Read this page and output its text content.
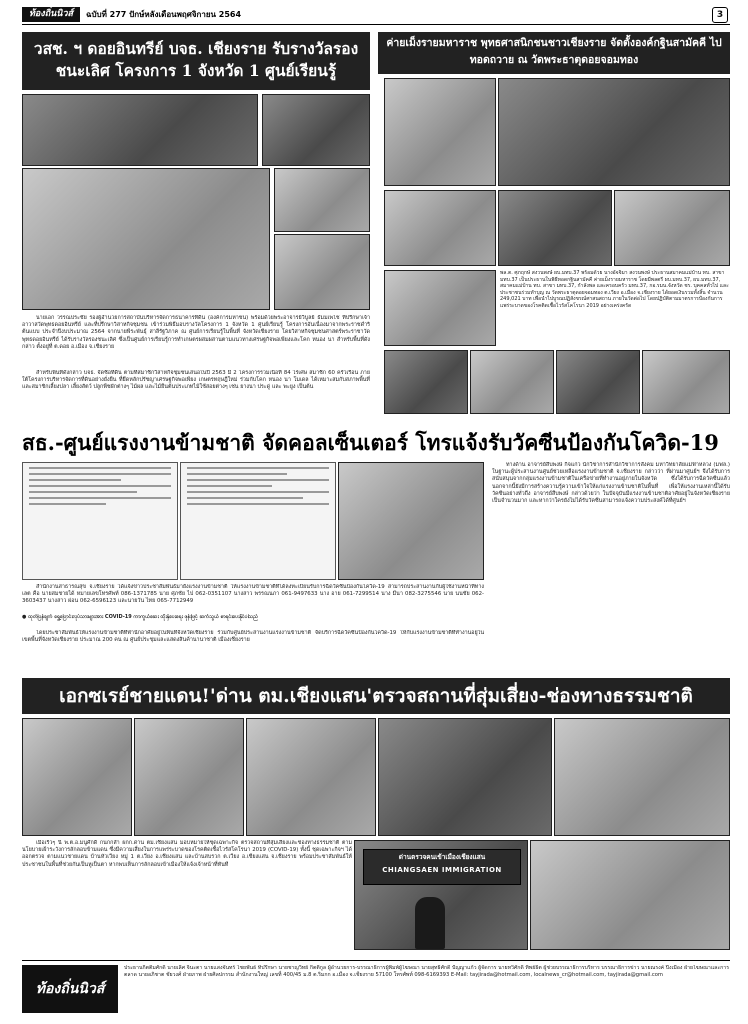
ท้องถิ่นนิวส์	ฉบับที่ 277 ปักษ์หลังเดือนพฤศจิกายน 2564	3
วสช. ฯ ดอยอินทรีย์ บจธ. เชียงราย รับรางวัลรองชนะเลิศ โครงการ 1 จังหวัด 1 ศูนย์เรียนรู้
นายเอก วรรณประชัย รองผู้อำนวยการสถาบันบริหารจัดการธนาคารที่ดิน (องค์การมหาชน) พร้อมด้วยพระอาจารย์วิบูลย์ ธัมมเพโช ที่ปรึกษาเจ้าอาวาสวัดพุทธดอยอินทรีย์ และที่ปรึกษาวิสาหกิจชุมชน เข้าร่วมพิธีมอบรางวัลโครงการ 1 จังหวัด 1 ศูนย์เรียนรู้ โครงการอันเนื่องมาจากพระราชดำริต้นแบบ ประจำปีงบประมาณ 2564 จากนายพีระพันธุ์ สาลีรัฐวิภาค ณ ศูนย์การเรียนรู้ในพื้นที่ จังหวัดเชียงราย โดยวิสาหกิจชุมชนศาสตร์พระราชาวัดพุทธดอยอินทรีย์ ได้รับรางวัลรองชนะเลิศ ซึ่งเป็นศูนย์การเรียนรู้การทำเกษตรผสมผสานตามแนวทางเศรษฐกิจพอเพียงและโคก หนอง นา สำหรับพื้นที่ดังกล่าว ตั้งอยู่ที่ ต.ดอย อ.เมือง จ.เชียงราย
สำหรับพื้นที่ดังกล่าว บจธ. จัดซื้อที่ดิน ตามที่สมาชิกวิสาหกิจชุมชนเสนอในปี 2563 มี 2 โครงการรวมเนื้อที่ 84 ไร่เศษ สมาชิก 60 ครัวเรือน ภายใต้โครงการบริหารจัดการที่ดินอย่างยั่งยืน ที่ยึดหลักปรัชญาเศรษฐกิจพอเพียง เกษตรทฤษฎีใหม่ ร่วมกับโคก หนอง นา โมเดล ได้เหมาะสมกับสภาพพื้นที่ และสมาชิกเลี้ยงปลา เลี้ยงสัตว์ ปลูกพืชผักต่างๆ ไม้ผล และไม้ยืนต้นประเภทไม้ใช้สอยต่างๆ เช่น ยางนา ประดู่ และ พะยูง เป็นต้น
ค่ายเม็งรายมหาราช พุทธศาสนิกชนชาวเชียงราย จัดตั้งองค์กฐินสามัคคี ไปทอดถวาย ณ วัดพระธาตุดอยจอมทอง
พล.ต. ศุภฤกษ์ สงวนพงษ์ ผบ.มทบ.37 พร้อมด้วย นางอัจจิมา สงวนพงษ์ ประธานสมาคมแม่บ้าน ทบ. สาขา มทบ.37 เป็นประธานในพิธีทอดกฐินสามัคคี ค่ายเม็งรายมหาราช โดยมีพลตรี ผบ.มทบ.37, ผบ.มทบ.37, สมาคมแม่บ้าน ทบ. สาขา มทบ.37, กำลังพล และครอบครัว มทบ.37, กอ.รมน.จังหวัด ชร. บุคคลทั่วไป และประชาชนร่วมทำบุญ ณ วัดพระธาตุดอยจอมทอง ต.เวียง อ.เมือง จ.เชียงราย ได้ยอดเงินรวมทั้งสิ้น จำนวน 249,021 บาท เพื่อนำไปบูรณปฏิสังขรณ์ศาสนสถาน ภายในวัดต่อไป โดยปฏิบัติตามมาตรการป้องกันการแพร่ระบาดของโรคติดเชื้อไวรัสโคโรนา 2019 อย่างเคร่งครัด
สธ.-ศูนย์แรงงานข้ามชาติ จัดคอลเซ็นเตอร์ โทรแจ้งรับวัคซีนป้องกันโควิด-19
สำนักงานสาธารณสุข จ.เชียงราย ได้แจ้งข่าวประชาสัมพันธ์มายังแรงงานข้ามชาติ ให้แรงงานข้ามชาติที่ได้ลงทะเบียนรับการฉีดวัคซีนป้องกันโควิด-19 สามารถประสานงานกับผู้ใช้งานหน้าที่ทางเลต คือ นายสมชายได้ หมายเลขโทรศัพท์ 086-1371785 นาย ศุภชัย ไป 062-0351107 นางสาว พรรณนภา 061-9497633 นาง อาย 061-7299514 นาง มีนา 082-3275546 นาย นนชัย 062-3603437 นางสาว ผ่อน 062-6596123 และนายวัน ไทย 065-7712949
● ထုတ်ပြန်ချက် ရွှေ့ပြောင်းလုပ်သားများအား COVID-19 ကာကွယ်ဆေး ထိုးနှံပေးရေး ဖုန်းဖြင့် ဆက်သွယ် စာရင်းပေးနိုင်ပါသည်
โดยประชาสัมพันธ์ให้แรงงานข้ามชาติที่พำนักอาศัยอยู่ในพื้นที่จังหวัดเชียงราย ร่วมกับศูนย์ประสานงานแรงงานข้ามชาติ จัดบริการฉีดวัคซีนป้องกันโควิด-19 ให้กับแรงงานข้ามชาติที่ทำงานอยู่ในเขตพื้นที่จังหวัดเชียงราย ประมาณ 200 คน ณ ศูนย์ประชุมและแสดงสินค้านานาชาติ เมืองเชียงราย
ทางด้าน อาจารย์สืบพงษ์ กิจแก่ว นักวิชาการสำนักวิชาการสังคม มหาวิทยาลัยแม่ฟ้าหลวง (มฟล.) ในฐานะผู้ประสานงานศูนย์ช่วยเหลือแรงงานข้ามชาติ จ.เชียงราย กล่าวว่า ที่ผ่านมาศูนย์ฯ จึงได้รับการสนับสนุนจากกลุ่มแรงงานข้ามชาติในเครือข่ายที่ทำงานอยู่ภายในจังหวัด ซึ่งได้รับการฉีดวัคซีนแล้ว นอกจากนี้ยังมีการสร้างความรู้ความเข้าใจให้แก่แรงงานข้ามชาติในพื้นที่ เพื่อให้แรงงานเหล่านี้ได้รับวัคซีนอย่างทั่วถึง อาจารย์สืบพงษ์ กล่าวด้วยว่า ในปัจจุบันมีแรงงานข้ามชาติอาศัยอยู่ในจังหวัดเชียงราย เป็นจำนวนมาก และหากว่าใครยังไม่ได้รับวัคซีนสามารถแจ้งความประสงค์ได้ที่ศูนย์ฯ
เอกซเรย์ชายแดน!'ด่าน ตม.เชียงแสน'ตรวจสถานที่สุ่มเสี่ยง-ช่องทางธรรมชาติ
เมื่อเร็วๆ นี้ พ.ต.อ.มนูศักดิ์ กนกกลำ ผกก.ด่าน ตม.เชียงแสน มอบหมายให้ชุดเฉพาะกิจ ตรวจสถานที่สุ่มเสี่ยงและช่องทางธรรมชาติ ตามนโยบายเฝ้าระวังการลักลอบข้ามแดน ซึ่งมีความเสี่ยงในการแพร่ระบาดของโรคติดเชื้อไวรัสโคโรนา 2019 (COVID-19) ทั้งนี้ ชุดเฉพาะกิจฯ ได้ออกตรวจ ตามแนวชายแดน บ้านหัวเวียง หมู่ 1 ต.เวียง อ.เชียงแสน และบ้านสบรวก ต.เวียง อ.เชียงแสน จ.เชียงราย พร้อมประชาสัมพันธ์ให้ประชาชนในพื้นที่ช่วยกันเป็นหูเป็นตา หากพบเห็นการลักลอบเข้าเมืองให้แจ้งเจ้าหน้าที่ทันที
ด่านตรวจคนเข้าเมืองเชียงแสน
CHIANGSAEN IMMIGRATION
ท้องถิ่นนิวส์
ประธานกิตติมศักดิ์ นายเลิศ จินะตา นายแสงจันทร์ ไชยพันธ์ ที่ปรึกษา นายชาญวิทย์ กิตติกูล ผู้อำนวยการ-บรรณาธิการผู้พิมพ์ผู้โฆษณา นายสุทธิศักดิ์ ปัญญาแก้ว ผู้จัดการ นายทวีศักดิ์ ทิพย์ธิต ผู้ช่วยบรรณาธิการบริหาร บรรณาธิการข่าว นายณรงค์ ปิงเมือง ฝ่ายโฆษณาและการตลาด นายอภิชาต ชัยวงศ์ ฝ่ายภาพ ฝ่ายศิลปกรรม สำนักงานใหญ่ เลขที่ 400/45 ม.8 ต.ริมกก อ.เมือง จ.เชียงราย 57100 โทรศัพท์ 098-6169393 E-Mail: tayjirada@hotmail.com, localnews_cr@hotmail.com, tayjirada@gmail.com
